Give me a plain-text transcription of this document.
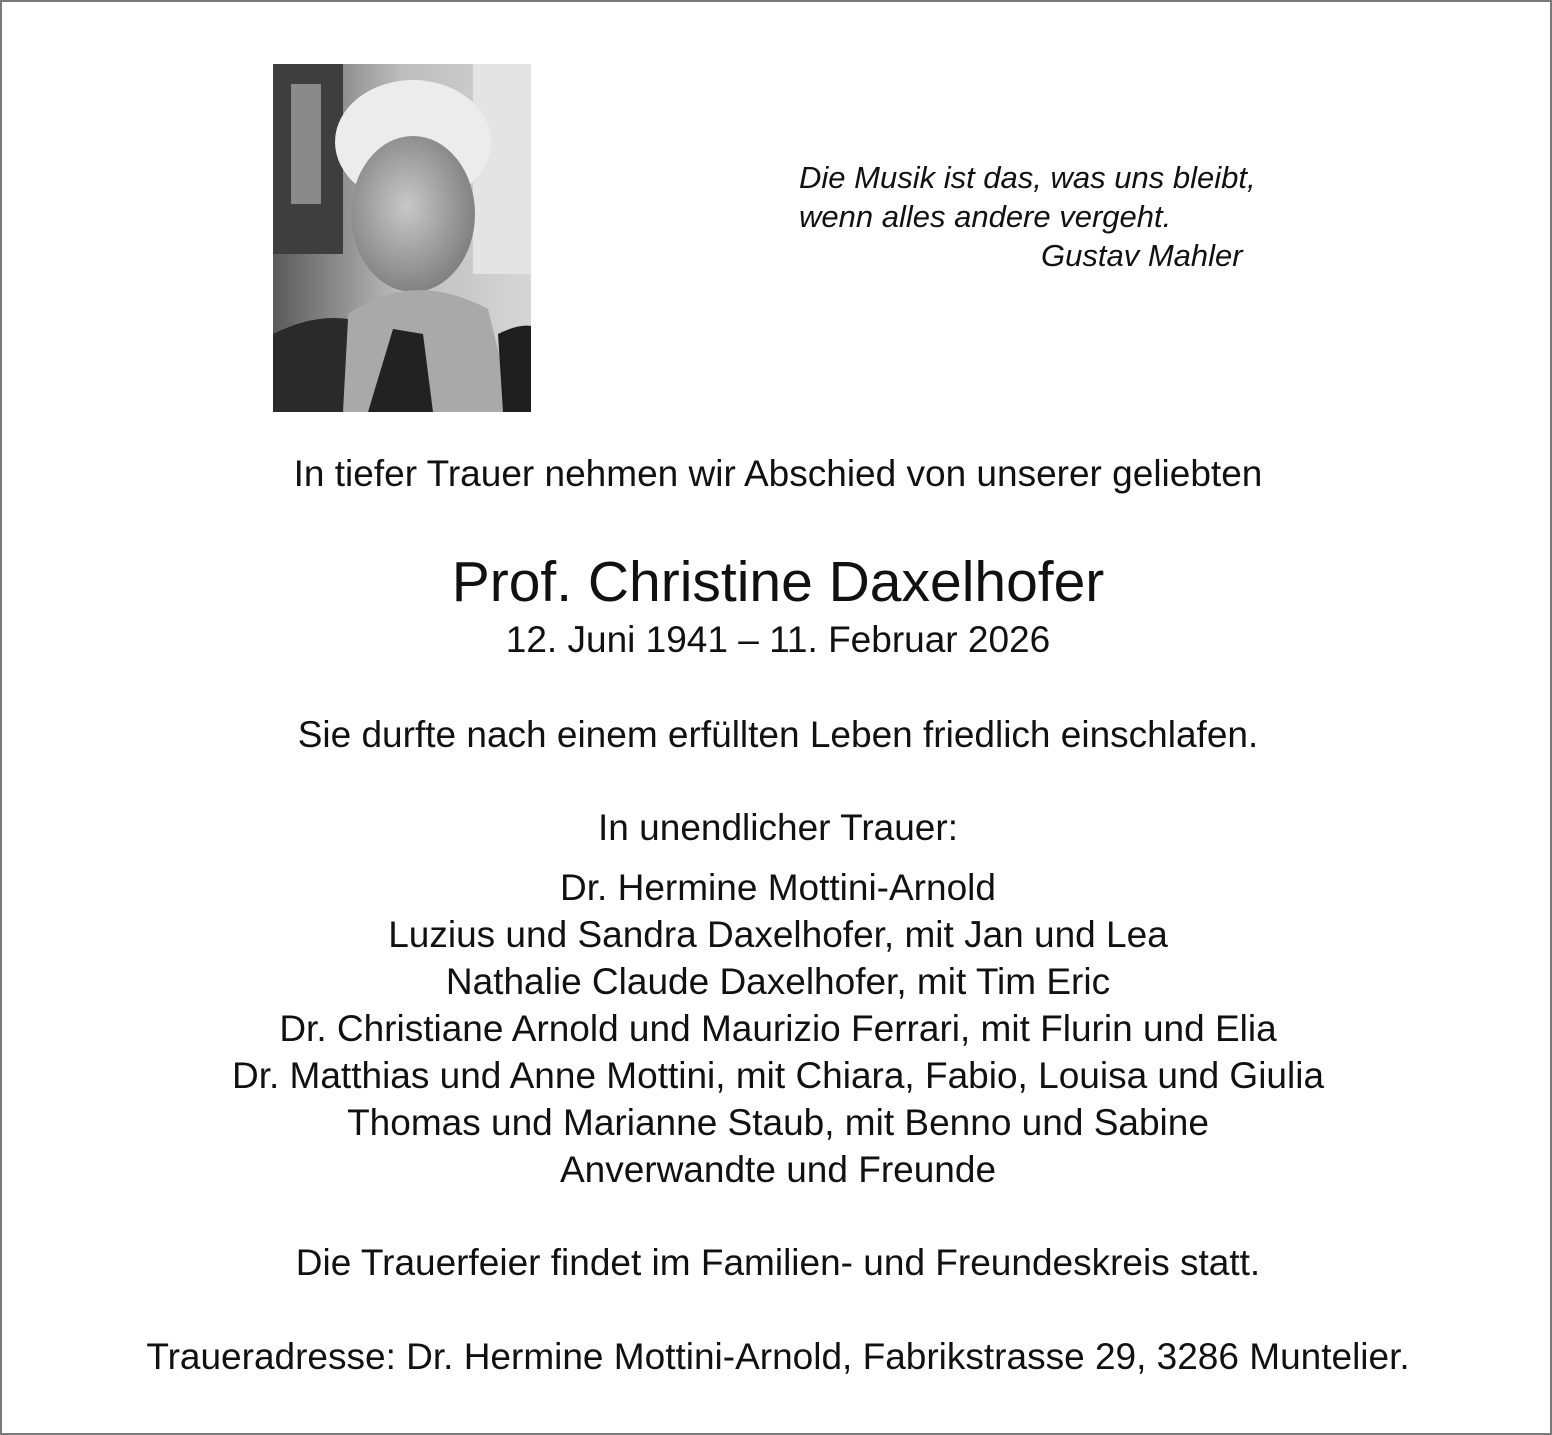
Die Musik ist das, was uns bleibt,
wenn alles andere vergeht.
Gustav Mahler
In tiefer Trauer nehmen wir Abschied von unserer geliebten
Prof. Christine Daxelhofer
12. Juni 1941 – 11. Februar 2026
Sie durfte nach einem erfüllten Leben friedlich einschlafen.
In unendlicher Trauer:
Dr. Hermine Mottini-Arnold
Luzius und Sandra Daxelhofer, mit Jan und Lea
Nathalie Claude Daxelhofer, mit Tim Eric
Dr. Christiane Arnold und Maurizio Ferrari, mit Flurin und Elia
Dr. Matthias und Anne Mottini, mit Chiara, Fabio, Louisa und Giulia
Thomas und Marianne Staub, mit Benno und Sabine
Anverwandte und Freunde
Die Trauerfeier findet im Familien- und Freundeskreis statt.
Traueradresse: Dr. Hermine Mottini-Arnold, Fabrikstrasse 29, 3286 Muntelier.
